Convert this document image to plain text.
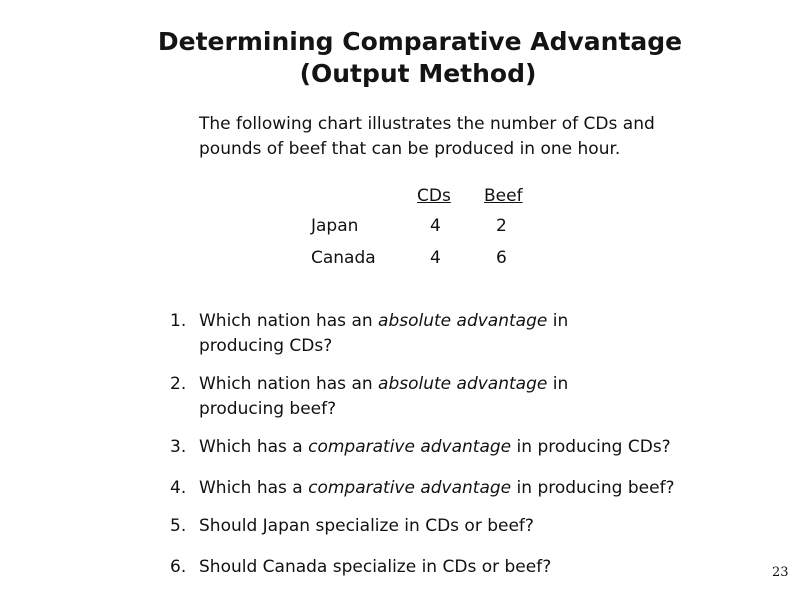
Determining Comparative Advantage
(Output Method)

The following chart illustrates the number of CDs and

pounds of beef that can be produced in one hour.

CDs Beef
Japan	4	2
Canada	4	6
1. Which nation has an absolute advantage in
producing CDs?
2. Which nation has an absolute advantage in
producing beef?
3. Which has a comparative advantage in producing CDs?
4. Which has a comparative advantage in producing beef?
5. Should Japan specialize in CDs or beef?
6. Should Canada specialize in CDs or beef?	23
